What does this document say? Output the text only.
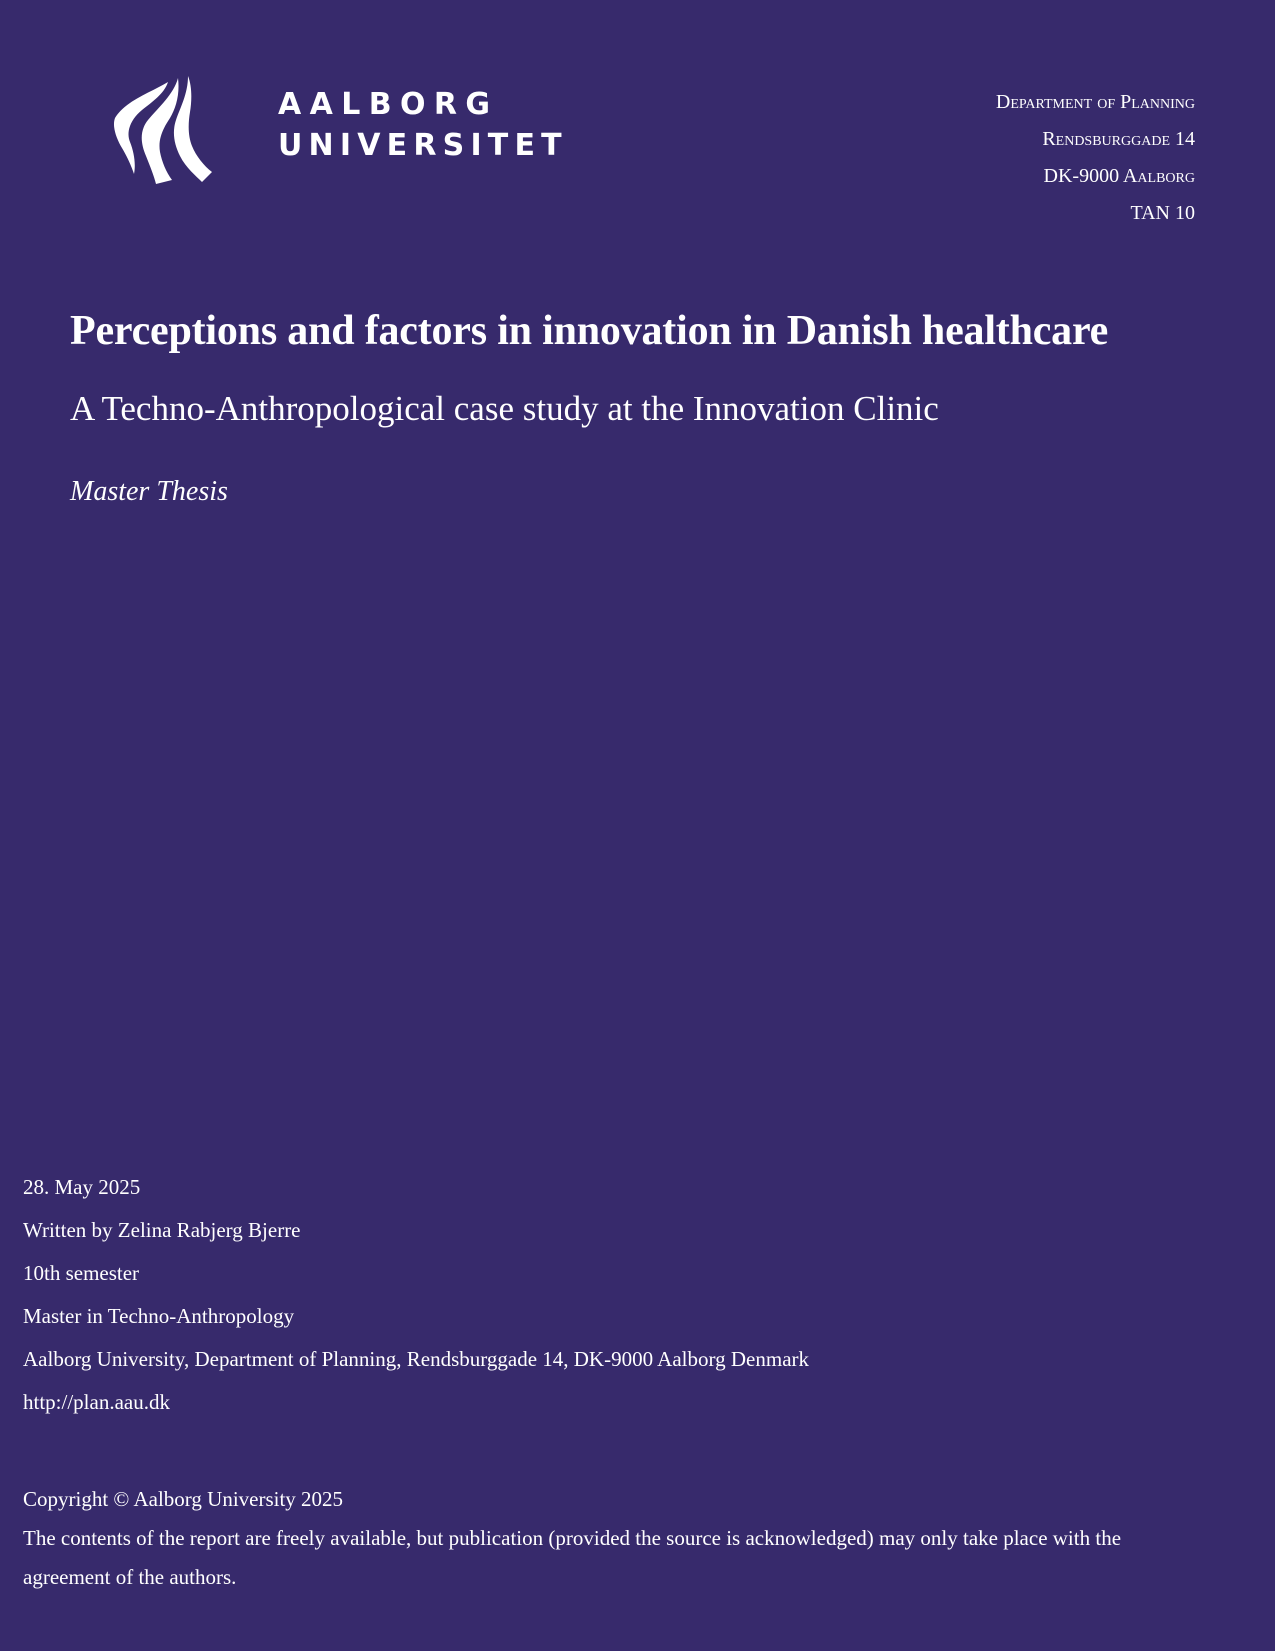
AALBORG
UNIVERSITET
Department of Planning
Rendsburggade 14
DK-9000 Aalborg
TAN 10
Perceptions and factors in innovation in Danish healthcare
A Techno-Anthropological case study at the Innovation Clinic
Master Thesis
28. May 2025
Written by Zelina Rabjerg Bjerre
10th semester
Master in Techno-Anthropology
Aalborg University, Department of Planning, Rendsburggade 14, DK-9000 Aalborg Denmark
http://plan.aau.dk
Copyright © Aalborg University 2025
The contents of the report are freely available, but publication (provided the source is acknowledged) may only take place with the agreement of the authors.
